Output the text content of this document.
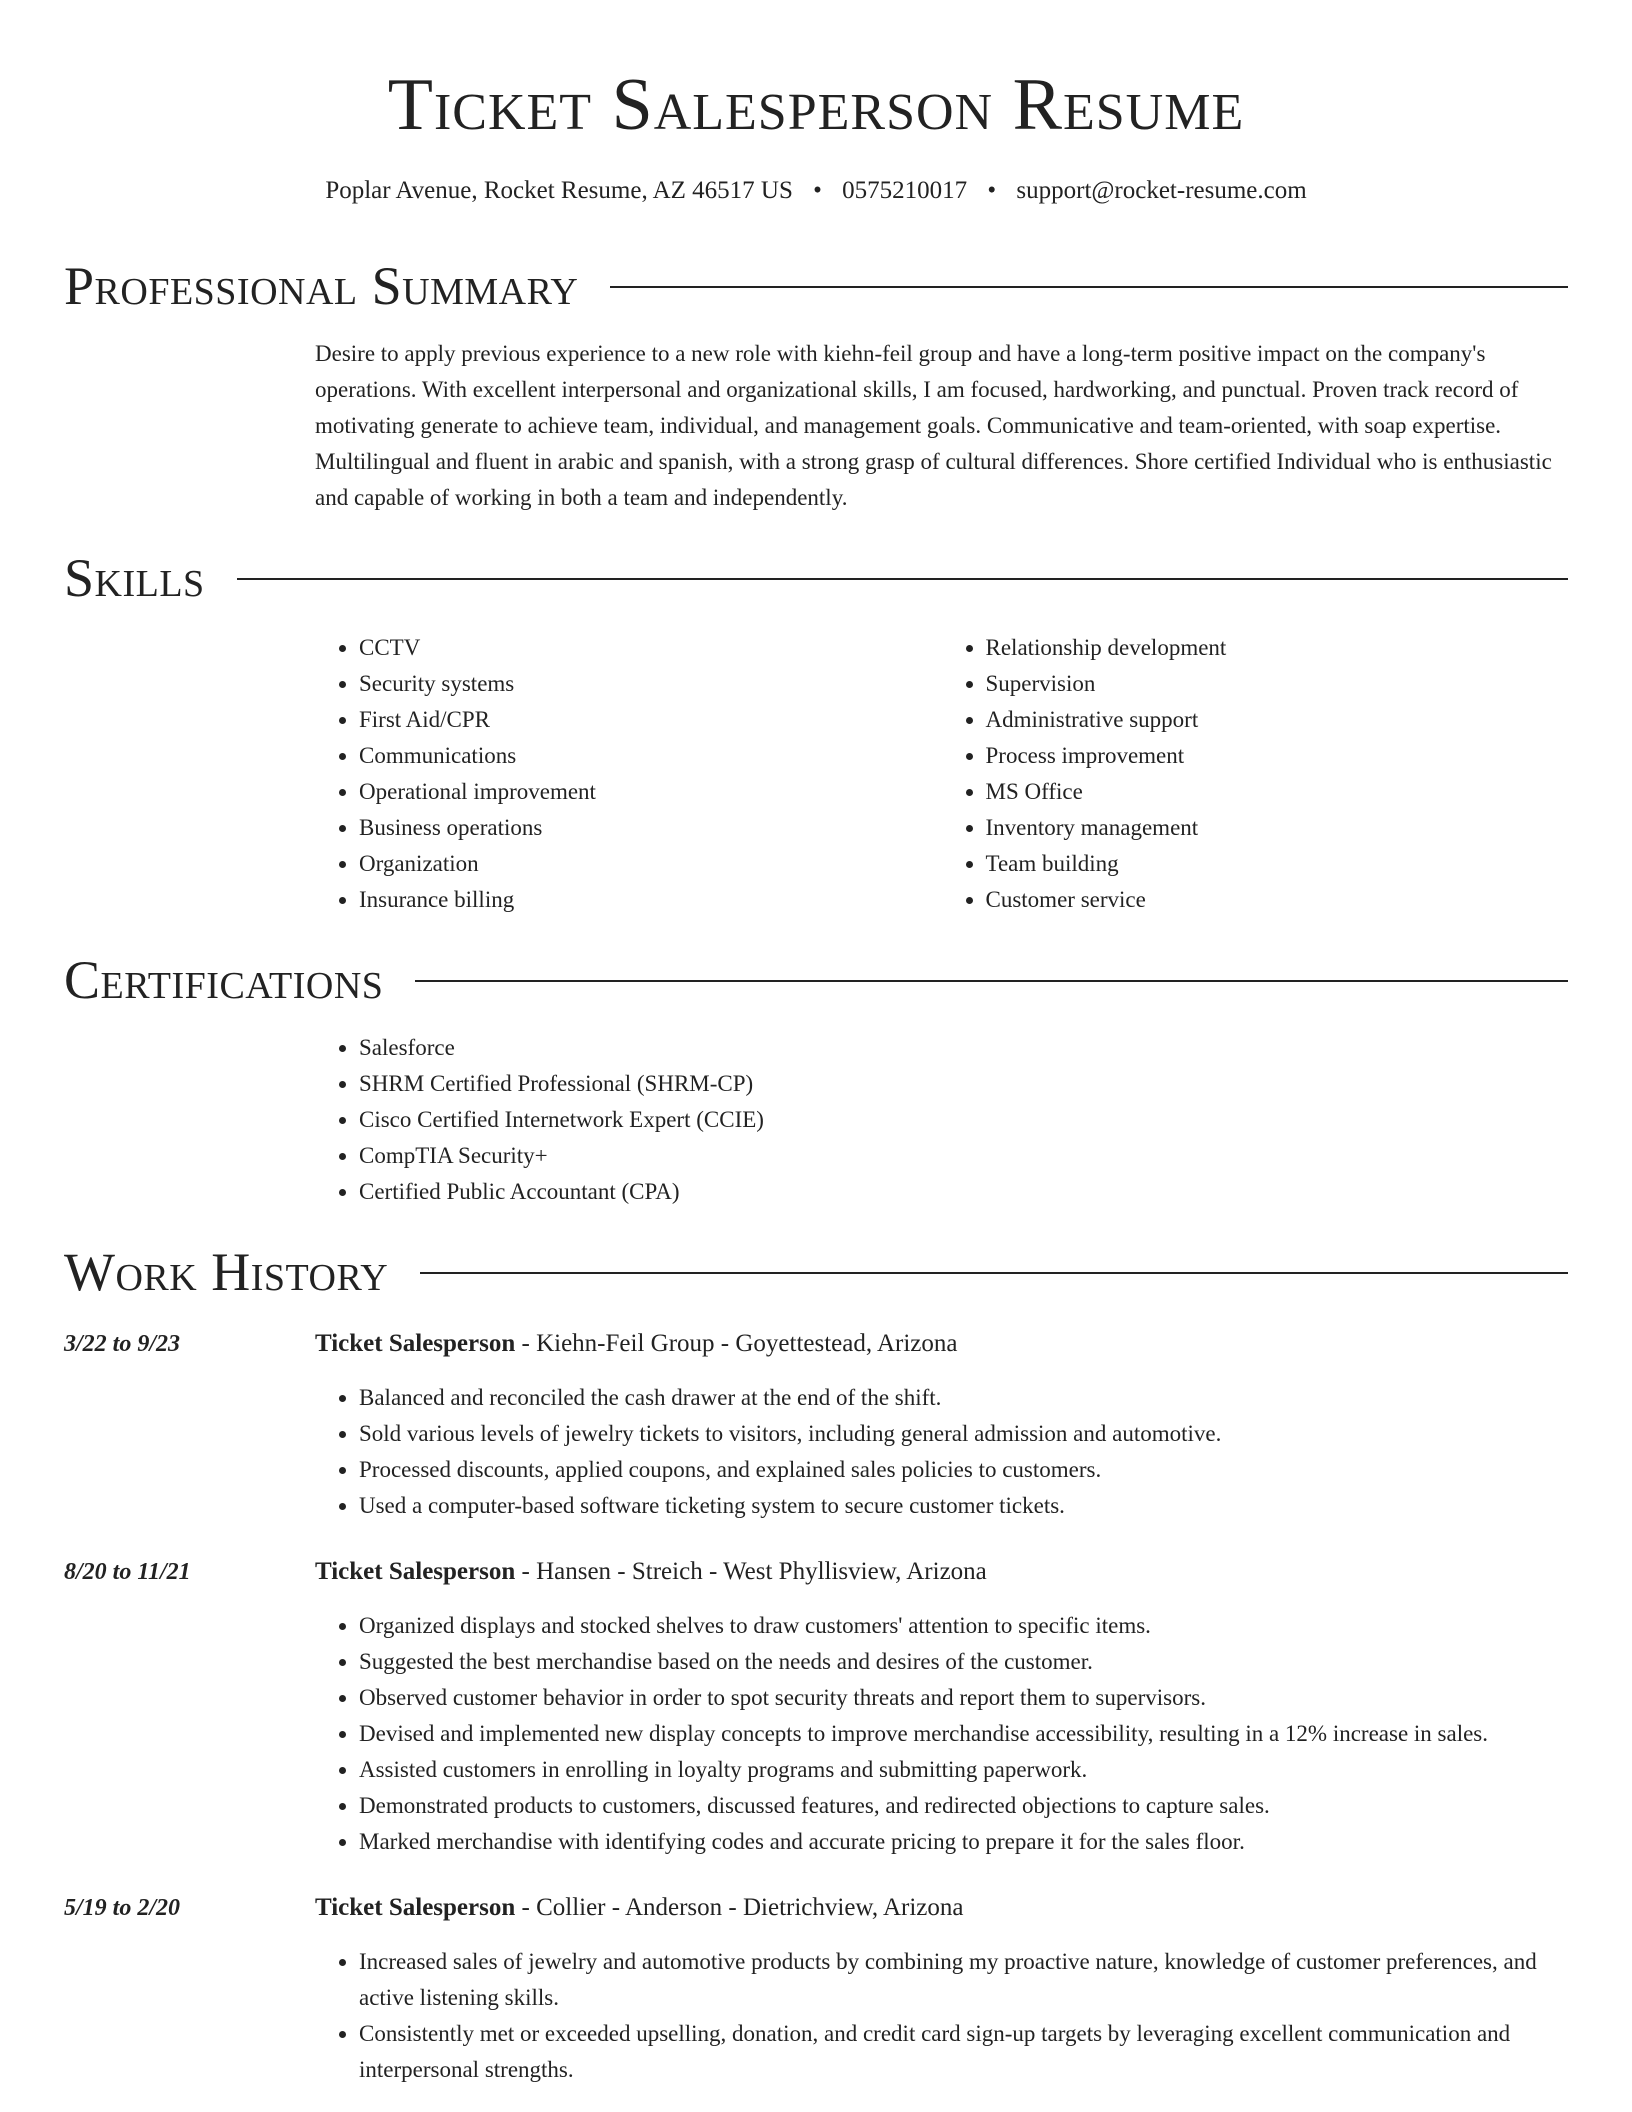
Ticket Salesperson Resume
Poplar Avenue, Rocket Resume, AZ 46517 US • 0575210017 • support@rocket-resume.com
Professional Summary

Desire to apply previous experience to a new role with kiehn-feil group and have a long-term positive impact on the company's operations. With excellent interpersonal and organizational skills, I am focused, hardworking, and punctual. Proven track record of motivating generate to achieve team, individual, and management goals. Communicative and team-oriented, with soap expertise. Multilingual and fluent in arabic and spanish, with a strong grasp of cultural differences. Shore certified Individual who is enthusiastic and capable of working in both a team and independently.

Skills
• CCTV
• Security systems
• First Aid/CPR
• Communications
• Operational improvement
• Business operations
• Organization
• Insurance billing
• Relationship development
• Supervision
• Administrative support
• Process improvement
• MS Office
• Inventory management
• Team building
• Customer service
Certifications
• Salesforce
• SHRM Certified Professional (SHRM-CP)
• Cisco Certified Internetwork Expert (CCIE)
• CompTIA Security+
• Certified Public Accountant (CPA)
Work History
3/22 to 9/23	Ticket Salesperson - Kiehn-Feil Group - Goyettestead, Arizona
• Balanced and reconciled the cash drawer at the end of the shift.
• Sold various levels of jewelry tickets to visitors, including general admission and automotive.
• Processed discounts, applied coupons, and explained sales policies to customers.
• Used a computer-based software ticketing system to secure customer tickets.
8/20 to 11/21	Ticket Salesperson - Hansen - Streich - West Phyllisview, Arizona
• Organized displays and stocked shelves to draw customers' attention to specific items.
• Suggested the best merchandise based on the needs and desires of the customer.
• Observed customer behavior in order to spot security threats and report them to supervisors.
• Devised and implemented new display concepts to improve merchandise accessibility, resulting in a 12% increase in sales.
• Assisted customers in enrolling in loyalty programs and submitting paperwork.
• Demonstrated products to customers, discussed features, and redirected objections to capture sales.
• Marked merchandise with identifying codes and accurate pricing to prepare it for the sales floor.
5/19 to 2/20	Ticket Salesperson - Collier - Anderson - Dietrichview, Arizona
• Increased sales of jewelry and automotive products by combining my proactive nature, knowledge of customer preferences, and active listening skills.
• Consistently met or exceeded upselling, donation, and credit card sign-up targets by leveraging excellent communication and interpersonal strengths.
